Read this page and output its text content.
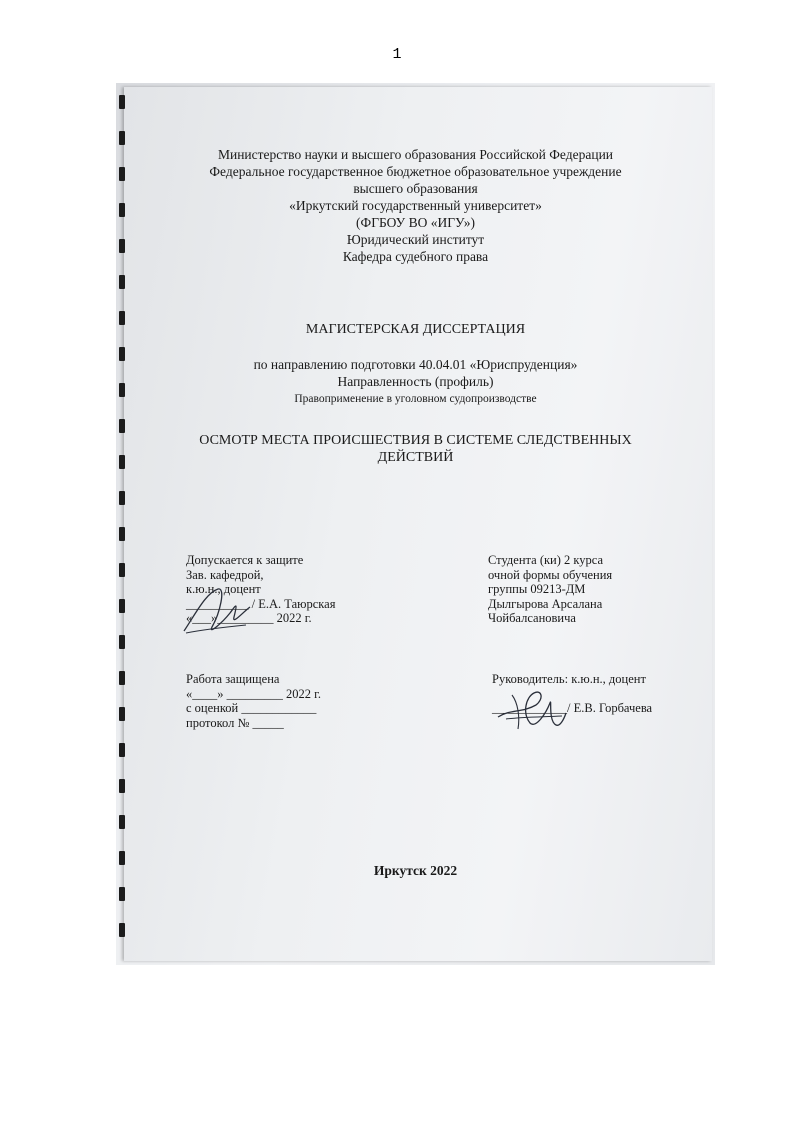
1
Министерство науки и высшего образования Российской Федерации
Федеральное государственное бюджетное образовательное учреждение
высшего образования
«Иркутский государственный университет»
(ФГБОУ ВО «ИГУ»)
Юридический институт
Кафедра судебного права
МАГИСТЕРСКАЯ ДИССЕРТАЦИЯ
по направлению подготовки 40.04.01 «Юриспруденция»
Направленность (профиль)
Правоприменение в уголовном судопроизводстве
ОСМОТР МЕСТА ПРОИСШЕСТВИЯ В СИСТЕМЕ СЛЕДСТВЕННЫХ
ДЕЙСТВИЙ
Допускается к защите
Зав. кафедрой,
к.ю.н., доцент
__________ / Е.А. Таюрская
«___»_________ 2022 г.
Студента (ки) 2 курса
очной формы обучения
группы 09213-ДМ
Дылгырова Арсалана
Чойбалсановича
Работа защищена
«____» _________ 2022 г.
с оценкой ____________
протокол № _____
Руководитель: к.ю.н., доцент
____________/ Е.В. Горбачева
Иркутск 2022
